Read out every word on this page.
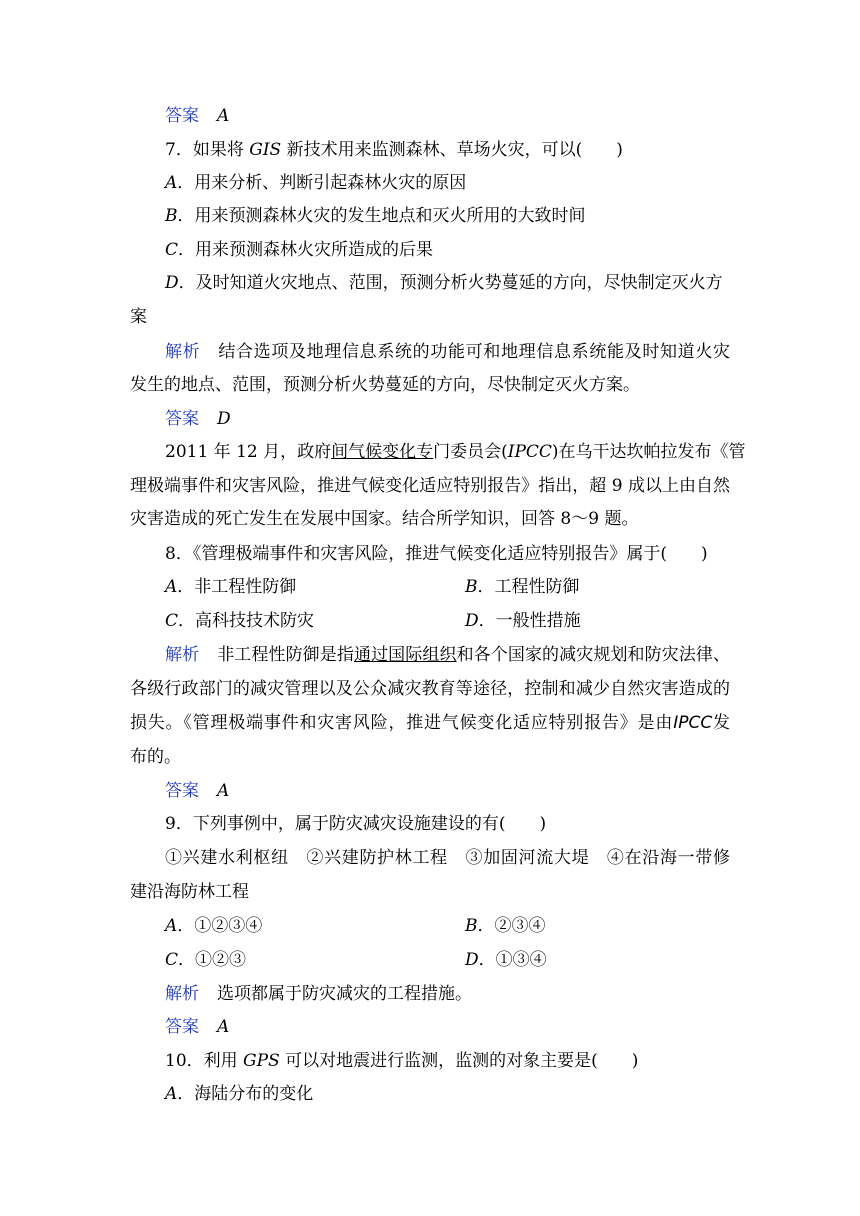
答案 A
7．如果将 GIS 新技术用来监测森林、草场火灾，可以(　　)
A．用来分析、判断引起森林火灾的原因
B．用来预测森林火灾的发生地点和灭火所用的大致时间
C．用来预测森林火灾所造成的后果
D．及时知道火灾地点、范围，预测分析火势蔓延的方向，尽快制定灭火方
案
解析 结合选项及地理信息系统的功能可和地理信息系统能及时知道火灾
发生的地点、范围，预测分析火势蔓延的方向，尽快制定灭火方案。
答案 D
2011 年 12 月，政府间气候变化专门委员会(IPCC)在乌干达坎帕拉发布《管
理极端事件和灾害风险，推进气候变化适应特别报告》指出，超 9 成以上由自然
灾害造成的死亡发生在发展中国家。结合所学知识，回答 8～9 题。
8．《管理极端事件和灾害风险，推进气候变化适应特别报告》属于(　　)
A．非工程性防御	B．工程性防御
C．高科技技术防灾	D．一般性措施
解析 非工程性防御是指通过国际组织和各个国家的减灾规划和防灾法律、
各级行政部门的减灾管理以及公众减灾教育等途径，控制和减少自然灾害造成的
损失。《管理极端事件和灾害风险，推进气候变化适应特别报告》是由IPCC发
布的。
答案 A
9．下列事例中，属于防灾减灾设施建设的有(　　)
①兴建水利枢纽　②兴建防护林工程　③加固河流大堤　④在沿海一带修
建沿海防林工程
A．①②③④	B．②③④
C．①②③	D．①③④
解析 选项都属于防灾减灾的工程措施。
答案 A
10．利用 GPS 可以对地震进行监测，监测的对象主要是(　　)
A．海陆分布的变化
